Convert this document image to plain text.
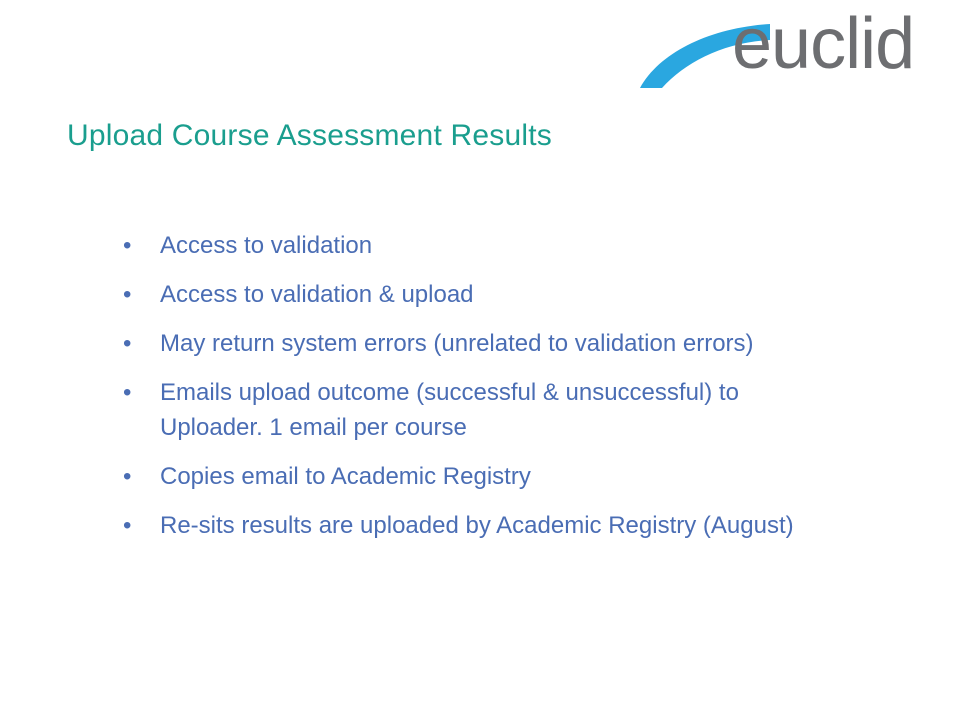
euclid
Upload Course Assessment Results
• Access to validation
• Access to validation & upload
• May return system errors (unrelated to validation errors)
• Emails upload outcome (successful & unsuccessful) to Uploader. 1 email per course
• Copies email to Academic Registry
• Re-sits results are uploaded by Academic Registry (August)
